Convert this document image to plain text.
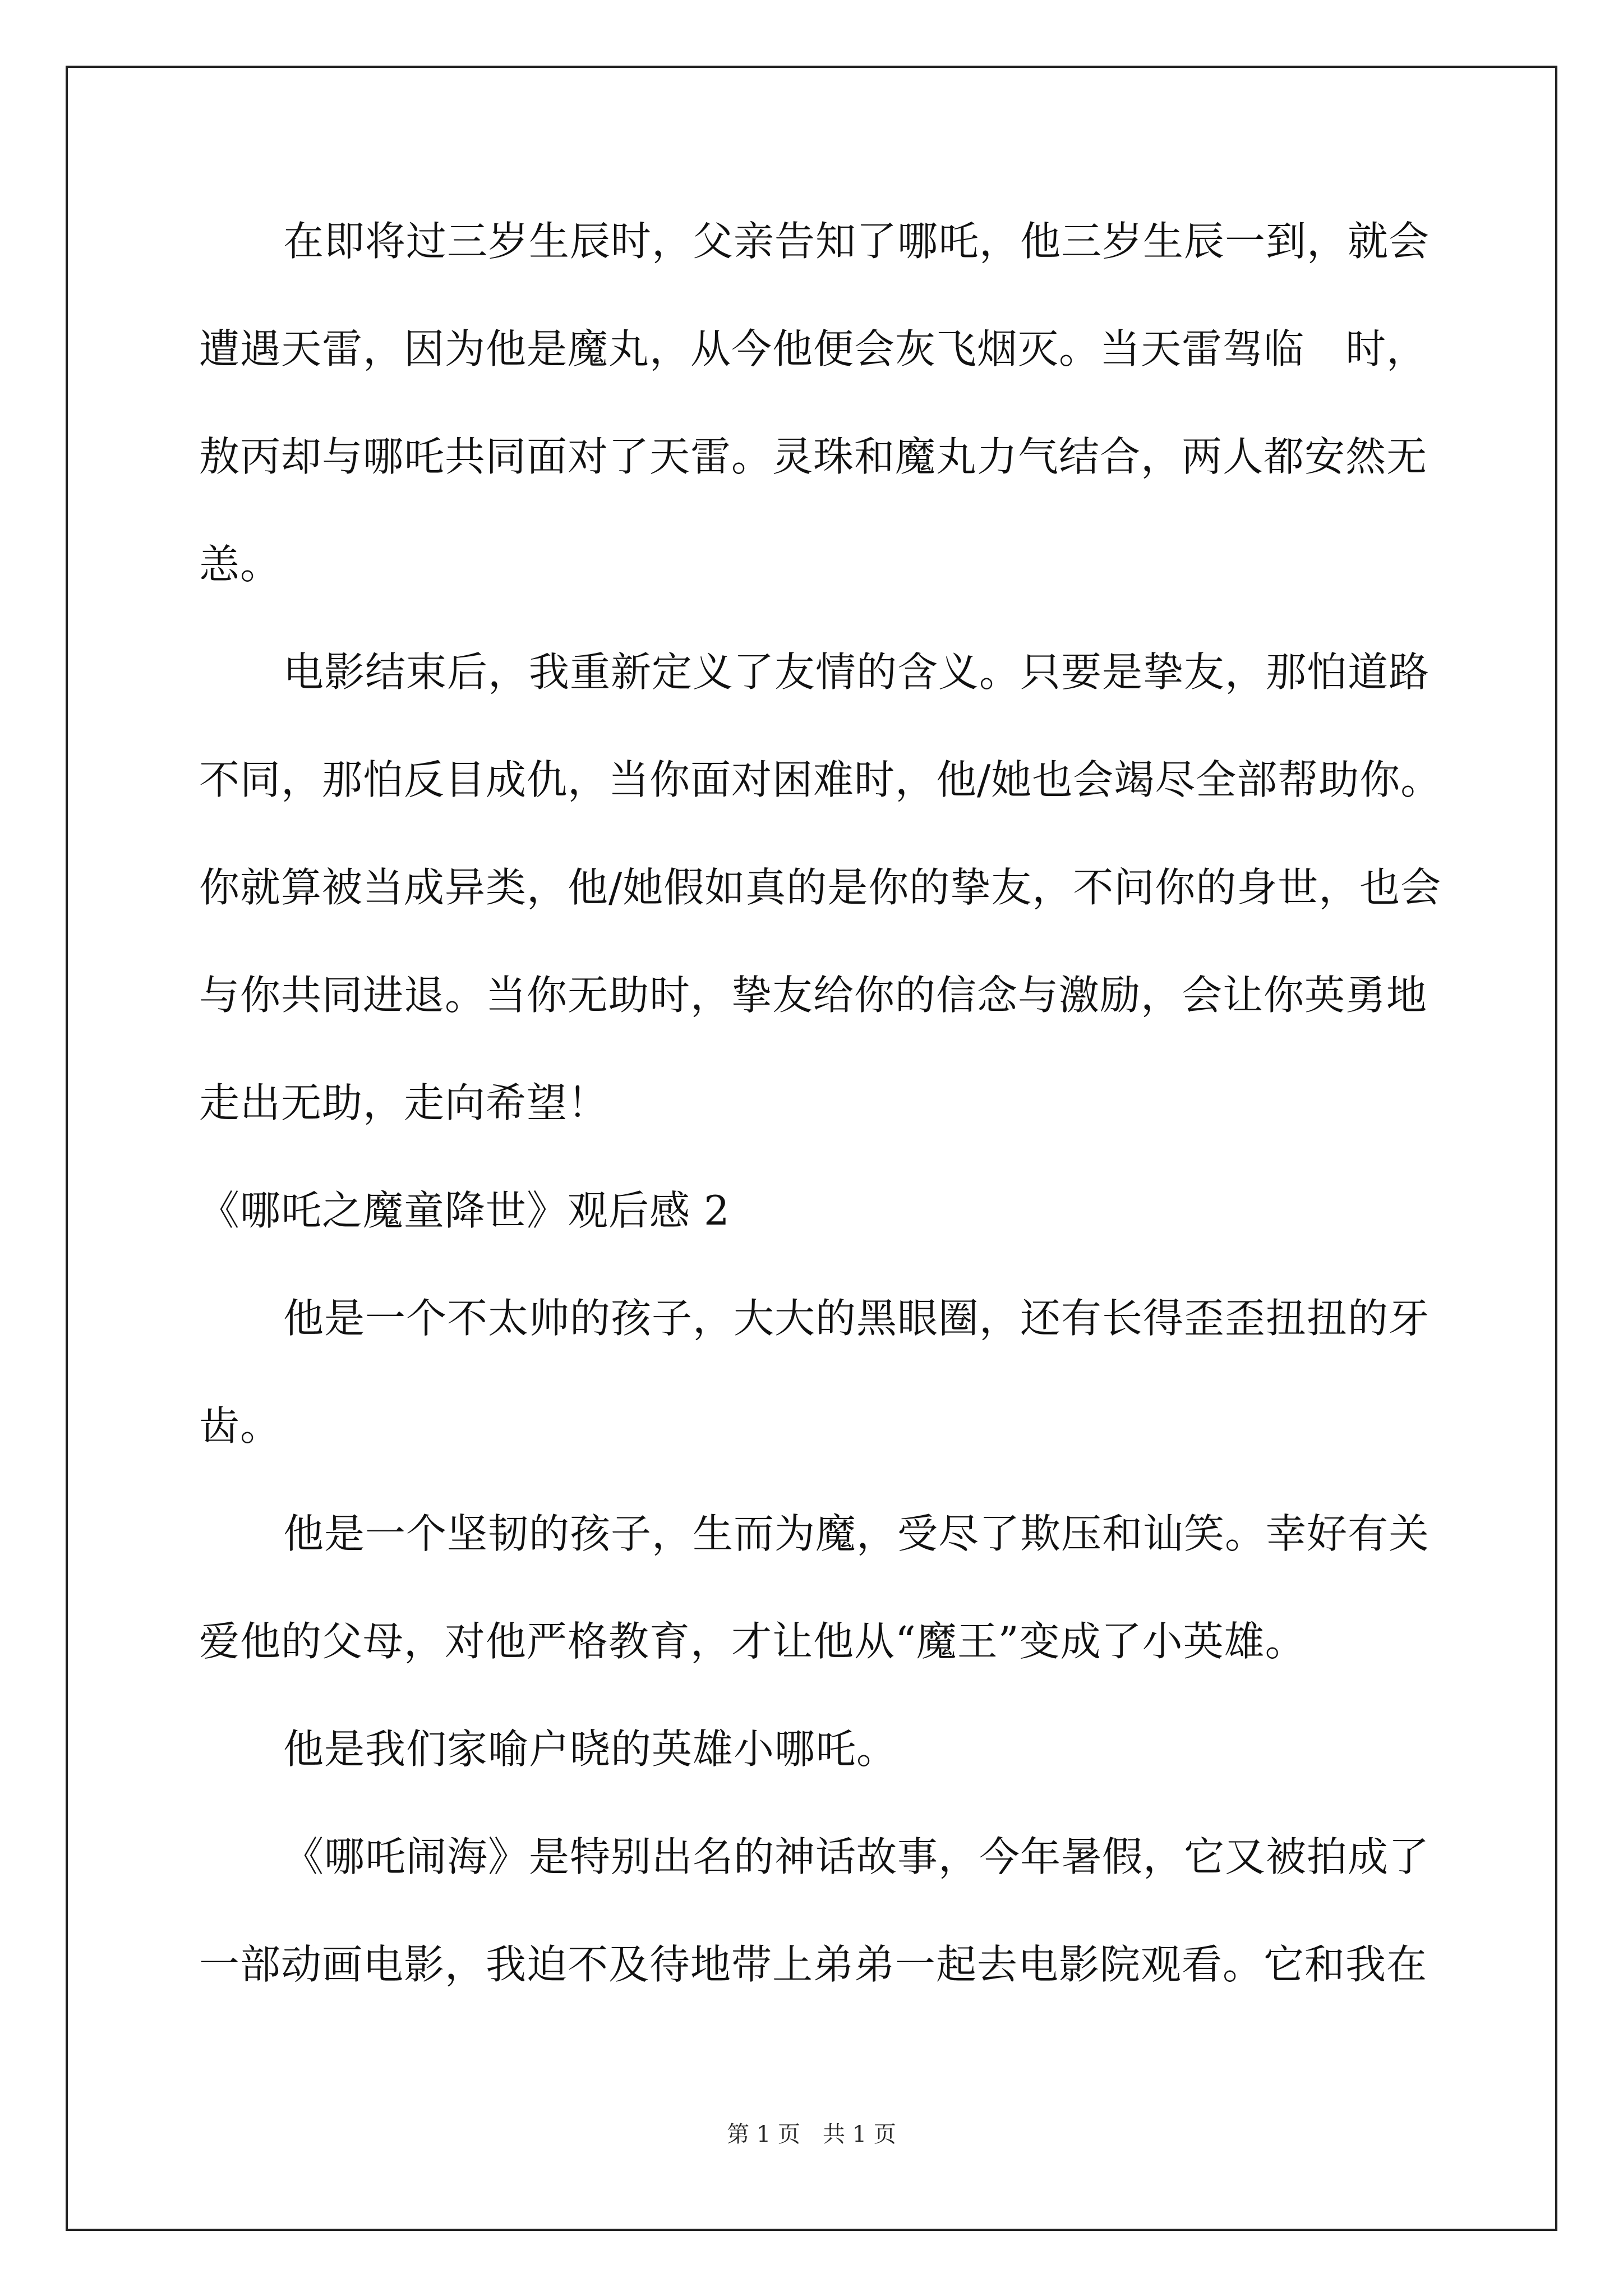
在即将过三岁生辰时，父亲告知了哪吒，他三岁生辰一到，就会
遭遇天雷，因为他是魔丸，从今他便会灰飞烟灭。当天雷驾临　时，
敖丙却与哪吒共同面对了天雷。灵珠和魔丸力气结合，两人都安然无
恙。
电影结束后，我重新定义了友情的含义。只要是挚友，那怕道路
不同，那怕反目成仇，当你面对困难时，他/她也会竭尽全部帮助你。
你就算被当成异类，他/她假如真的是你的挚友，不问你的身世，也会
与你共同进退。当你无助时，挚友给你的信念与激励，会让你英勇地
走出无助，走向希望！
《哪吒之魔童降世》观后感 2
他是一个不太帅的孩子，大大的黑眼圈，还有长得歪歪扭扭的牙
齿。
他是一个坚韧的孩子，生而为魔，受尽了欺压和讪笑。幸好有关
爱他的父母，对他严格教育，才让他从“魔王”变成了小英雄。
他是我们家喻户晓的英雄小哪吒。
《哪吒闹海》是特别出名的神话故事，今年暑假，它又被拍成了
一部动画电影，我迫不及待地带上弟弟一起去电影院观看。它和我在
第 1 页　共 1 页
